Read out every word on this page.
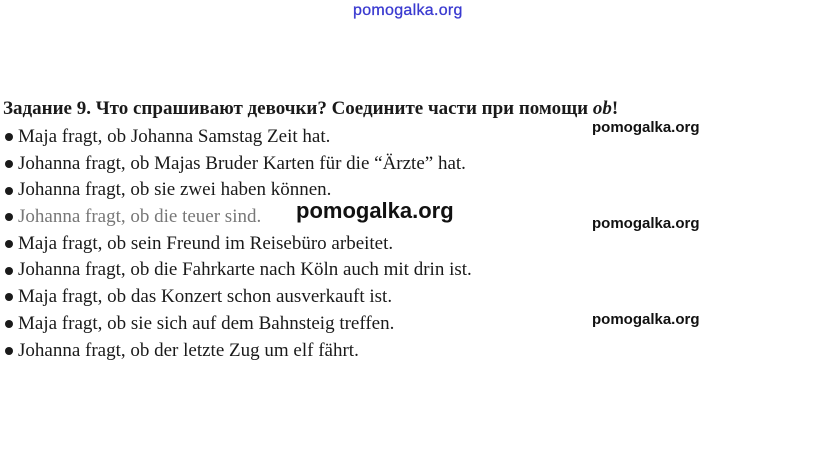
pomogalka.org
Задание 9. Что спрашивают девочки? Соедините части при помощи ob!
Maja fragt, ob Johanna Samstag Zeit hat.
Johanna fragt, ob Majas Bruder Karten für die “Ärzte” hat.
Johanna fragt, ob sie zwei haben können.
Johanna fragt, ob die teuer sind.
Maja fragt, ob sein Freund im Reisebüro arbeitet.
Johanna fragt, ob die Fahrkarte nach Köln auch mit drin ist.
Maja fragt, ob das Konzert schon ausverkauft ist.
Maja fragt, ob sie sich auf dem Bahnsteig treffen.
Johanna fragt, ob der letzte Zug um elf fährt.
pomogalka.org
pomogalka.org
pomogalka.org
pomogalka.org
